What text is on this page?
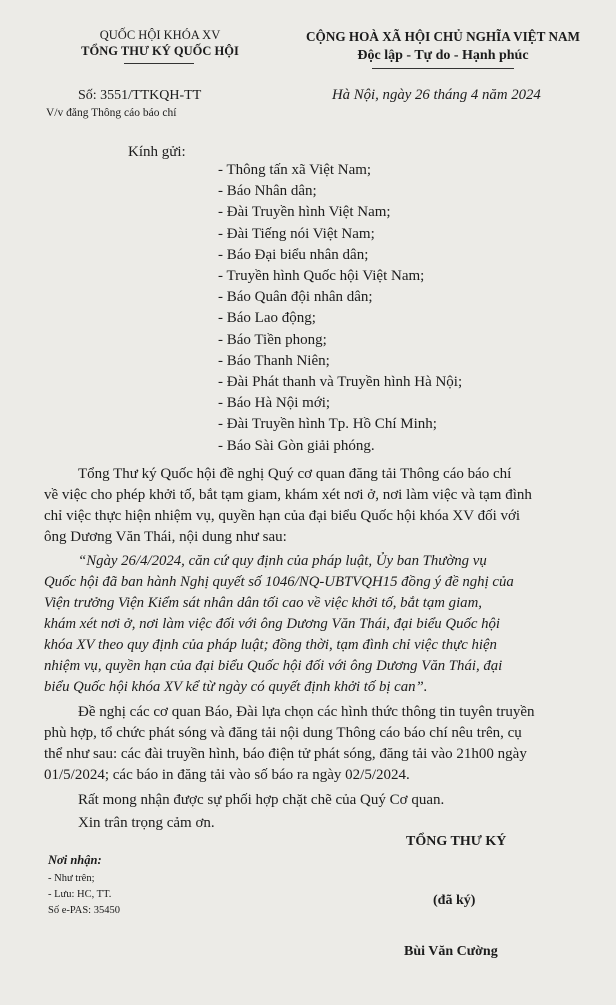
QUỐC HỘI KHÓA XV
TỔNG THƯ KÝ QUỐC HỘI
CỘNG HOÀ XÃ HỘI CHỦ NGHĨA VIỆT NAM
Độc lập - Tự do - Hạnh phúc
Số: 3551/TTKQH-TT
V/v đăng Thông cáo báo chí
Hà Nội, ngày 26 tháng 4 năm 2024
Kính gửi:
- Thông tấn xã Việt Nam;
- Báo Nhân dân;
- Đài Truyền hình Việt Nam;
- Đài Tiếng nói Việt Nam;
- Báo Đại biểu nhân dân;
- Truyền hình Quốc hội Việt Nam;
- Báo Quân đội nhân dân;
- Báo Lao động;
- Báo Tiền phong;
- Báo Thanh Niên;
- Đài Phát thanh và Truyền hình Hà Nội;
- Báo Hà Nội mới;
- Đài Truyền hình Tp. Hồ Chí Minh;
- Báo Sài Gòn giải phóng.
Tổng Thư ký Quốc hội đề nghị Quý cơ quan đăng tải Thông cáo báo chí
về việc cho phép khởi tố, bắt tạm giam, khám xét nơi ở, nơi làm việc và tạm đình
chỉ việc thực hiện nhiệm vụ, quyền hạn của đại biểu Quốc hội khóa XV đối với
ông Dương Văn Thái, nội dung như sau:
“Ngày 26/4/2024, căn cứ quy định của pháp luật, Ủy ban Thường vụ
Quốc hội đã ban hành Nghị quyết số 1046/NQ-UBTVQH15 đồng ý đề nghị của
Viện trưởng Viện Kiểm sát nhân dân tối cao về việc khởi tố, bắt tạm giam,
khám xét nơi ở, nơi làm việc đối với ông Dương Văn Thái, đại biểu Quốc hội
khóa XV theo quy định của pháp luật; đồng thời, tạm đình chỉ việc thực hiện
nhiệm vụ, quyền hạn của đại biểu Quốc hội đối với ông Dương Văn Thái, đại
biểu Quốc hội khóa XV kể từ ngày có quyết định khởi tố bị can”.
Đề nghị các cơ quan Báo, Đài lựa chọn các hình thức thông tin tuyên truyền
phù hợp, tổ chức phát sóng và đăng tải nội dung Thông cáo báo chí nêu trên, cụ
thể như sau: các đài truyền hình, báo điện tử phát sóng, đăng tải vào 21h00 ngày
01/5/2024; các báo in đăng tải vào số báo ra ngày 02/5/2024.
Rất mong nhận được sự phối hợp chặt chẽ của Quý Cơ quan.
Xin trân trọng cảm ơn.
Nơi nhận:
- Như trên;
- Lưu: HC, TT.
Số e-PAS: 35450
TỔNG THƯ KÝ
(đã ký)
Bùi Văn Cường
